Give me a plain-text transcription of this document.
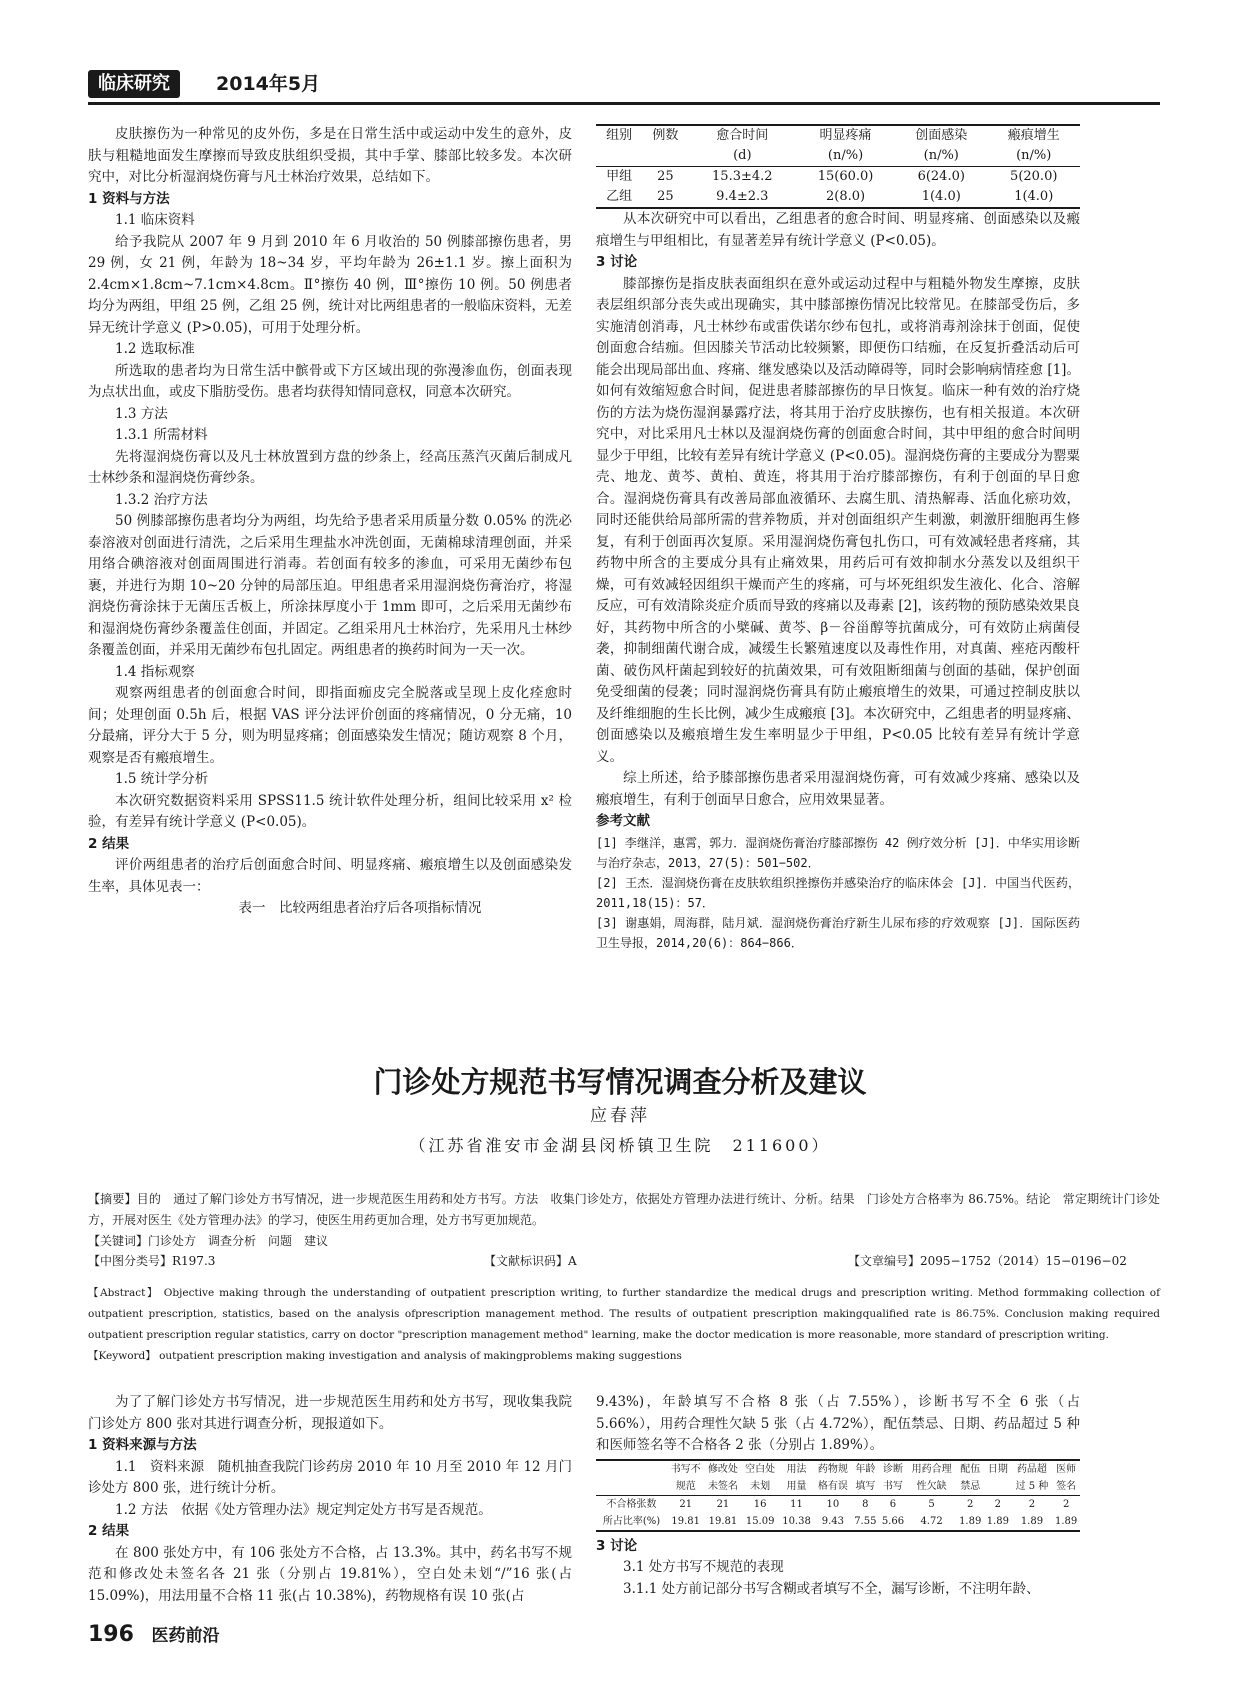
临床研究	2014年5月

皮肤擦伤为一种常见的皮外伤，多是在日常生活中或运动中发生的意外，皮肤与粗糙地面发生摩擦而导致皮肤组织受损，其中手掌、膝部比较多发。本次研究中，对比分析湿润烧伤膏与凡士林治疗效果，总结如下。

1 资料与方法

1.1 临床资料

给予我院从 2007 年 9 月到 2010 年 6 月收治的 50 例膝部擦伤患者，男 29 例，女 21 例，年龄为 18~34 岁，平均年龄为 26±1.1 岁。擦上面积为 2.4cm×1.8cm~7.1cm×4.8cm。Ⅱ°擦伤 40 例，Ⅲ°擦伤 10 例。50 例患者均分为两组，甲组 25 例，乙组 25 例，统计对比两组患者的一般临床资料，无差异无统计学意义 (P>0.05)，可用于处理分析。

1.2 选取标准

所选取的患者均为日常生活中髌骨或下方区域出现的弥漫渗血伤，创面表现为点状出血，或皮下脂肪受伤。患者均获得知情同意权，同意本次研究。

1.3 方法

1.3.1 所需材料

先将湿润烧伤膏以及凡士林放置到方盘的纱条上，经高压蒸汽灭菌后制成凡士林纱条和湿润烧伤膏纱条。

1.3.2 治疗方法

50 例膝部擦伤患者均分为两组，均先给予患者采用质量分数 0.05% 的洗必泰溶液对创面进行清洗，之后采用生理盐水冲洗创面，无菌棉球清理创面，并采用络合碘溶液对创面周围进行消毒。若创面有较多的渗血，可采用无菌纱布包裹，并进行为期 10~20 分钟的局部压迫。甲组患者采用湿润烧伤膏治疗，将湿润烧伤膏涂抹于无菌压舌板上，所涂抹厚度小于 1mm 即可，之后采用无菌纱布和湿润烧伤膏纱条覆盖住创面，并固定。乙组采用凡士林治疗，先采用凡士林纱条覆盖创面，并采用无菌纱布包扎固定。两组患者的换药时间为一天一次。

1.4 指标观察

观察两组患者的创面愈合时间，即指面痂皮完全脱落或呈现上皮化痊愈时间；处理创面 0.5h 后，根据 VAS 评分法评价创面的疼痛情况，0 分无痛，10 分最痛，评分大于 5 分，则为明显疼痛；创面感染发生情况；随访观察 8 个月，观察是否有瘢痕增生。

1.5 统计学分析

本次研究数据资料采用 SPSS11.5 统计软件处理分析，组间比较采用 x² 检验，有差异有统计学意义 (P<0.05)。

2 结果

评价两组患者的治疗后创面愈合时间、明显疼痛、瘢痕增生以及创面感染发生率，具体见表一：

表一　比较两组患者治疗后各项指标情况

组别	例数	愈合时间	明显疼痛	创面感染	瘢痕增生
		(d)	(n/%)	(n/%)	(n/%)
甲组	25	15.3±4.2	15(60.0)	6(24.0)	5(20.0)
乙组	25	9.4±2.3	2(8.0)	1(4.0)	1(4.0)

从本次研究中可以看出，乙组患者的愈合时间、明显疼痛、创面感染以及瘢痕增生与甲组相比，有显著差异有统计学意义 (P<0.05)。

3 讨论

膝部擦伤是指皮肤表面组织在意外或运动过程中与粗糙外物发生摩擦，皮肤表层组织部分丧失或出现确实，其中膝部擦伤情况比较常见。在膝部受伤后，多实施清创消毒，凡士林纱布或雷佚诺尔纱布包扎，或将消毒剂涂抹于创面，促使创面愈合结痂。但因膝关节活动比较频繁，即便伤口结痂，在反复折叠活动后可能会出现局部出血、疼痛、继发感染以及活动障碍等，同时会影响病情痊愈 [1]。如何有效缩短愈合时间，促进患者膝部擦伤的早日恢复。临床一种有效的治疗烧伤的方法为烧伤湿润暴露疗法，将其用于治疗皮肤擦伤，也有相关报道。本次研究中，对比采用凡士林以及湿润烧伤膏的创面愈合时间，其中甲组的愈合时间明显少于甲组，比较有差异有统计学意义 (P<0.05)。湿润烧伤膏的主要成分为罂粟壳、地龙、黄芩、黄柏、黄连，将其用于治疗膝部擦伤，有利于创面的早日愈合。湿润烧伤膏具有改善局部血液循环、去腐生肌、清热解毒、活血化瘀功效，同时还能供给局部所需的营养物质，并对创面组织产生刺激，刺激肝细胞再生修复，有利于创面再次复原。采用湿润烧伤膏包扎伤口，可有效减轻患者疼痛，其药物中所含的主要成分具有止痛效果，用药后可有效抑制水分蒸发以及组织干燥，可有效减轻因组织干燥而产生的疼痛，可与坏死组织发生液化、化合、溶解反应，可有效清除炎症介质而导致的疼痛以及毒素 [2]，该药物的预防感染效果良好，其药物中所含的小檗碱、黄芩、β－谷甾醇等抗菌成分，可有效防止病菌侵袭，抑制细菌代谢合成，减缓生长繁殖速度以及毒性作用，对真菌、痤疮丙酸杆菌、破伤风杆菌起到较好的抗菌效果，可有效阻断细菌与创面的基础，保护创面免受细菌的侵袭；同时湿润烧伤膏具有防止瘢痕增生的效果，可通过控制皮肤以及纤维细胞的生长比例，减少生成瘢痕 [3]。本次研究中，乙组患者的明显疼痛、创面感染以及瘢痕增生发生率明显少于甲组，P<0.05 比较有差异有统计学意义。

综上所述，给予膝部擦伤患者采用湿润烧伤膏，可有效减少疼痛、感染以及瘢痕增生，有利于创面早日愈合，应用效果显著。

参考文献

[1] 李继洋，惠霄，郭力．湿润烧伤膏治疗膝部擦伤 42 例疗效分析 [J]．中华实用诊断与治疗杂志，2013，27(5)：501−502．

[2] 王杰．湿润烧伤膏在皮肤软组织挫擦伤并感染治疗的临床体会 [J]．中国当代医药，2011,18(15)：57．

[3] 谢惠娟，周海群，陆月斌．湿润烧伤膏治疗新生儿尿布疹的疗效观察 [J]．国际医药卫生导报，2014,20(6)：864−866．

门诊处方规范书写情况调查分析及建议
应春萍
（江苏省淮安市金湖县闵桥镇卫生院　211600）

【摘要】目的　通过了解门诊处方书写情况，进一步规范医生用药和处方书写。方法　收集门诊处方，依据处方管理办法进行统计、分析。结果　门诊处方合格率为 86.75%。结论　常定期统计门诊处方，开展对医生《处方管理办法》的学习，使医生用药更加合理，处方书写更加规范。

【关键词】门诊处方　调查分析　问题　建议

【中图分类号】R197.3	【文献标识码】A	【文章编号】2095−1752（2014）15−0196−02

【Abstract】 Objective making through the understanding of outpatient prescription writing, to further standardize the medical drugs and prescription writing. Method formmaking collection of outpatient prescription, statistics, based on the analysis ofprescription management method. The results of outpatient prescription makingqualified rate is 86.75%. Conclusion making required outpatient prescription regular statistics, carry on doctor "prescription management method" learning, make the doctor medication is more reasonable, more standard of prescription writing.

【Keyword】 outpatient prescription making investigation and analysis of makingproblems making suggestions

为了了解门诊处方书写情况，进一步规范医生用药和处方书写，现收集我院门诊处方 800 张对其进行调查分析，现报道如下。

1 资料来源与方法

1.1　资料来源　随机抽查我院门诊药房 2010 年 10 月至 2010 年 12 月门诊处方 800 张，进行统计分析。

1.2 方法　依据《处方管理办法》规定判定处方书写是否规范。

2 结果

在 800 张处方中，有 106 张处方不合格，占 13.3%。其中，药名书写不规范和修改处未签名各 21 张（分别占 19.81%），空白处未划“/”16 张(占 15.09%)，用法用量不合格 11 张(占 10.38%)，药物规格有误 10 张(占

9.43%)，年龄填写不合格 8 张（占 7.55%），诊断书写不全 6 张（占 5.66%），用药合理性欠缺 5 张（占 4.72%），配伍禁忌、日期、药品超过 5 种和医师签名等不合格各 2 张（分别占 1.89%）。

	书写不	修改处	空白处	用法	药物规	年龄	诊断	用药合理	配伍	日期	药品超	医师
	规范	未签名	未划	用量	格有误	填写	书写	性欠缺	禁忌		过 5 种	签名
不合格张数	21	21	16	11	10	8	6	5	2	2	2	2
所占比率(%)	19.81	19.81	15.09	10.38	9.43	7.55	5.66	4.72	1.89	1.89	1.89	1.89

3 讨论

3.1 处方书写不规范的表现

3.1.1 处方前记部分书写含糊或者填写不全，漏写诊断，不注明年龄、

196 医药前沿
